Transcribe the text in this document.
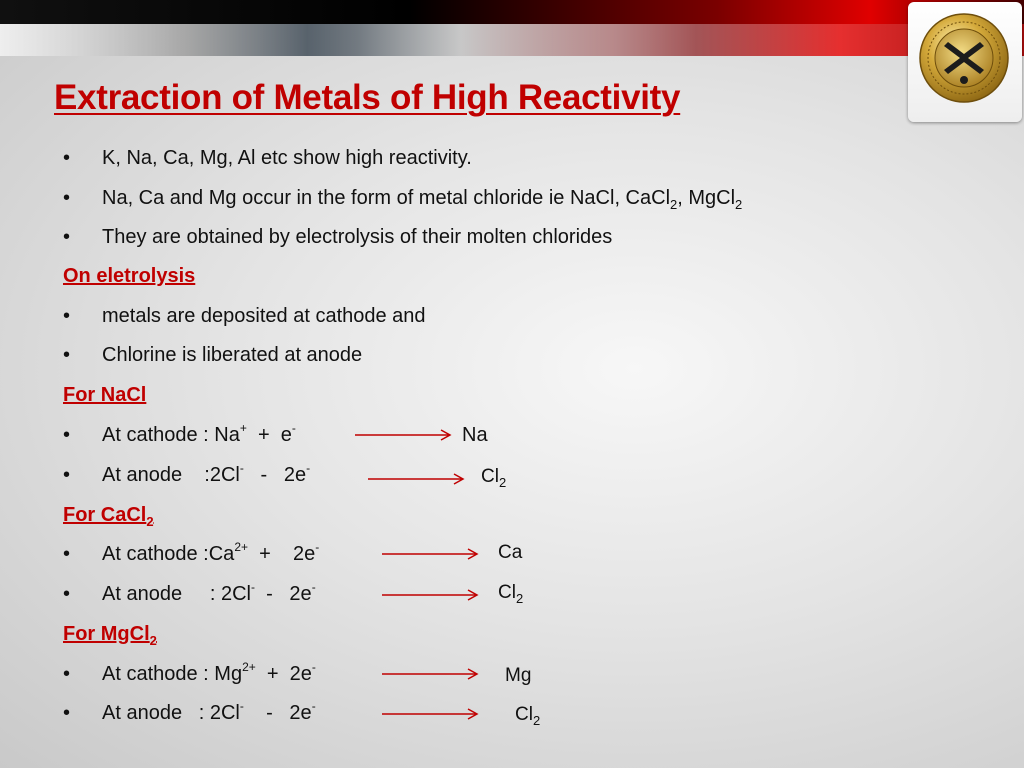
X
Extraction of Metals of High Reactivity
• K, Na, Ca, Mg, Al etc show high reactivity.
• Na, Ca and Mg occur in the form of metal chloride ie NaCl, CaCl$_2$, MgCl$_2$
• They are obtained by electrolysis of their molten chlorides
On eletrolysis
• metals are deposited at cathode and
• Chlorine is liberated at anode
For NaCl
• At cathode : Na+  +  e-	Na
• At anode    :2Cl-   -   2e-	$Cl_2$
For CaCl$_2$
• At cathode $:Ca^{2+}$  +    2e-	Ca
• At anode     : 2Cl-  -   2e-	$Cl_2$
For MgCl$_2$
• At cathode : $Mg^{2+} + 2e^-$	Mg
• At anode   : 2Cl-    -   2e-	$Cl_2$
